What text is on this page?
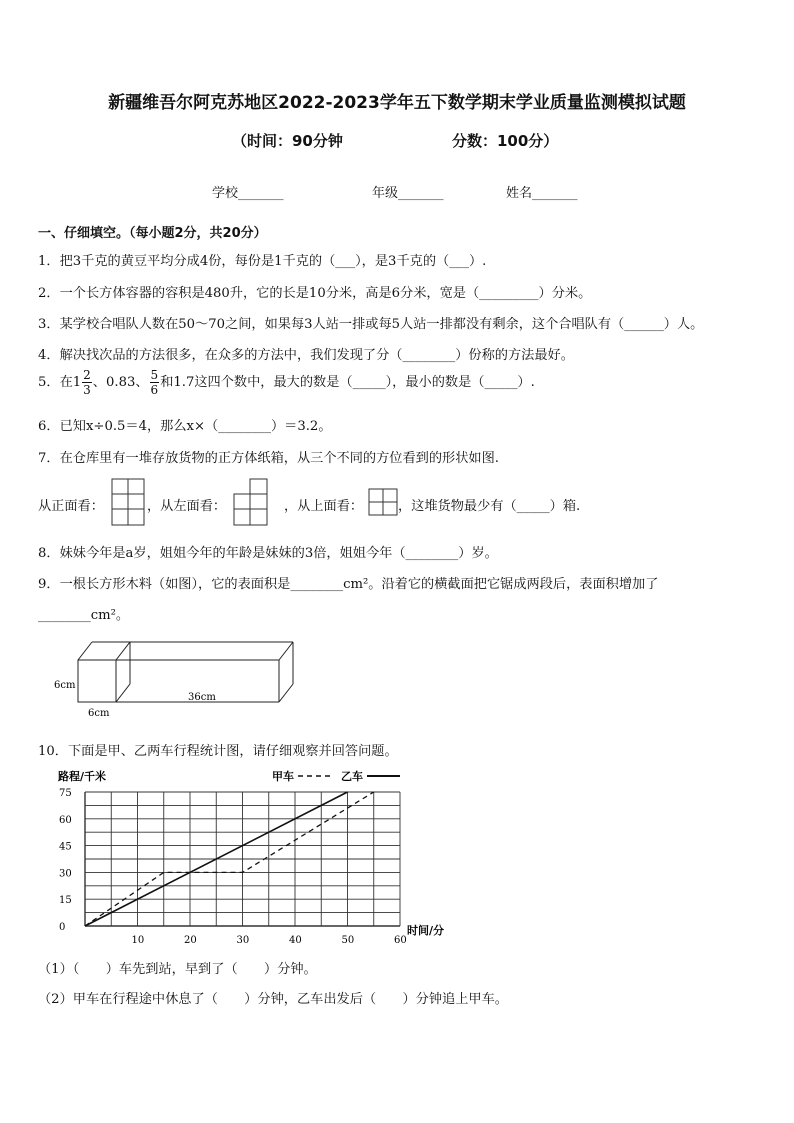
新疆维吾尔阿克苏地区2022-2023学年五下数学期末学业质量监测模拟试题
（时间：90分钟	分数：100分）
学校_______	年级_______	姓名_______
一、仔细填空。（每小题2分，共20分）
1．把3千克的黄豆平均分成4份，每份是1千克的（___），是3千克的（___）.
2．一个长方体容器的容积是480升，它的长是10分米，高是6分米，宽是（_________）分米。
3．某学校合唱队人数在50～70之间，如果每3人站一排或每5人站一排都没有剩余，这个合唱队有（______）人。
4．解决找次品的方法很多，在众多的方法中，我们发现了分（________）份称的方法最好。
5．在$1 \frac{2}{3}$ 、0.83、 $\frac{5}{6}$ 和1.7这四个数中，最大的数是（_____），最小的数是（_____）.
6．已知x÷0.5＝4，那么x×（________）＝3.2。
7．在仓库里有一堆存放货物的正方体纸箱，从三个不同的方位看到的形状如图.
从正面看：	，从左面看：	，从上面看：	，这堆货物最少有（_____）箱.
8．妹妹今年是a岁，姐姐今年的年龄是妹妹的3倍，姐姐今年（________）岁。
9．一根长方形木料（如图），它的表面积是________cm²。沿着它的横截面把它锯成两段后，表面积增加了
________cm²。
6cm
6cm
36cm
10．下面是甲、乙两车行程统计图，请仔细观察并回答问题。
75
60
45
30
15
0
10	20	30	40	50	60
路程/千米
时间/分
甲车	乙车
（1）（　　）车先到站，早到了（　　）分钟。
（2）甲车在行程途中休息了（　　）分钟，乙车出发后（　　）分钟追上甲车。
